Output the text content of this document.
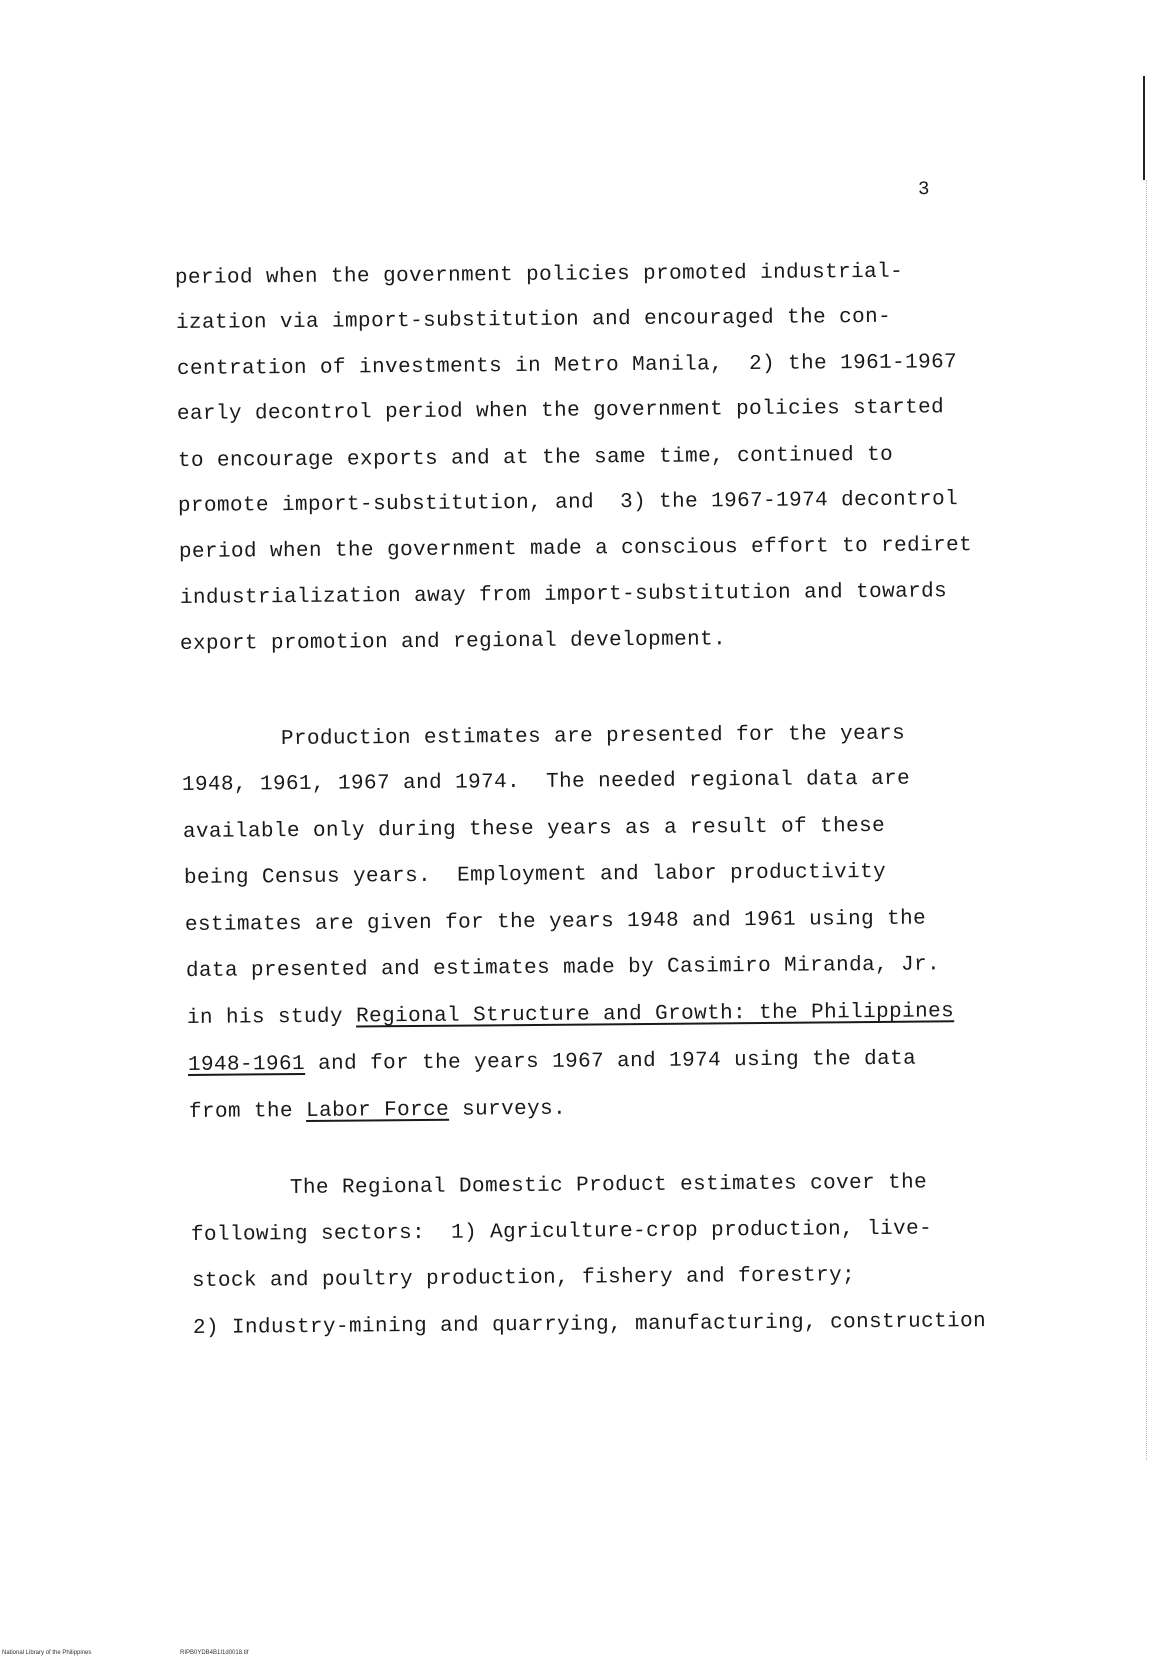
3
period when the government policies promoted industrial-
ization via import-substitution and encouraged the con-
centration of investments in Metro Manila,  2) the 1961-1967
early decontrol period when the government policies started
to encourage exports and at the same time, continued to
promote import-substitution, and  3) the 1967-1974 decontrol
period when the government made a conscious effort to rediret
industrialization away from import-substitution and towards
export promotion and regional development.
Production estimates are presented for the years
1948, 1961, 1967 and 1974.  The needed regional data are
available only during these years as a result of these
being Census years.  Employment and labor productivity
estimates are given for the years 1948 and 1961 using the
data presented and estimates made by Casimiro Miranda, Jr.
in his study Regional Structure and Growth: the Philippines
1948-1961 and for the years 1967 and 1974 using the data
from the Labor Force surveys.
The Regional Domestic Product estimates cover the
following sectors:  1) Agriculture-crop production, live-
stock and poultry production, fishery and forestry;
2) Industry-mining and quarrying, manufacturing, construction
National Library of the Philippines	RIPB0YDB4B1I1d0018.tif
